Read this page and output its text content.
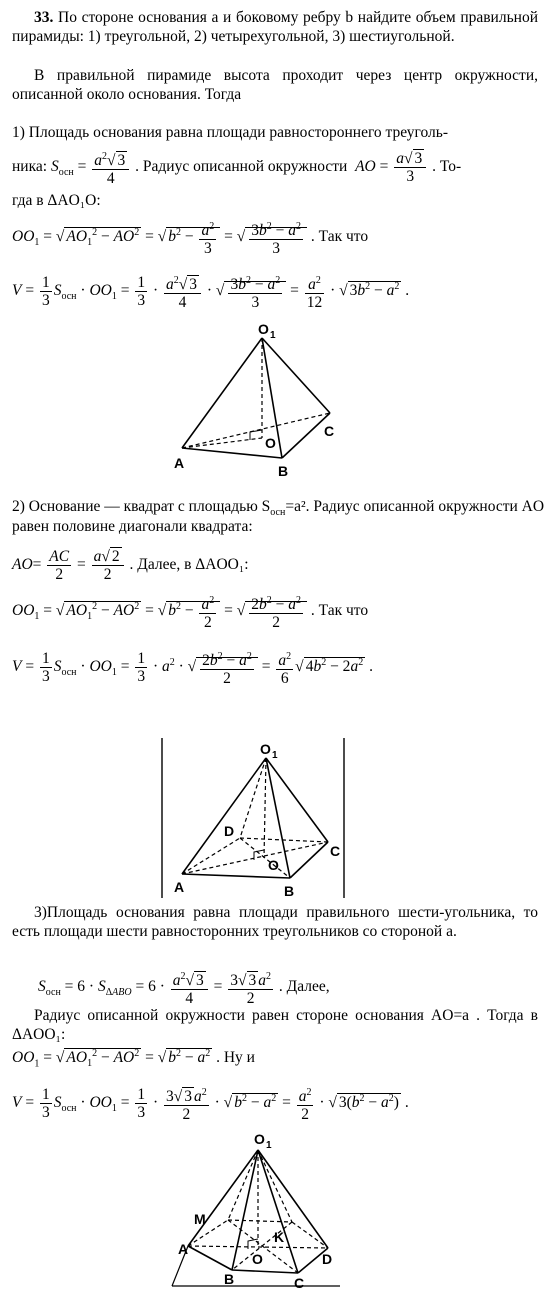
33. По стороне основания a и боковому ребру b найдите объем правильной пирамиды: 1) треугольной, 2) четырехугольной, 3) шестиугольной.
В правильной пирамиде высота проходит через центр окружности, описанной около основания. Тогда
1) Площадь основания равна площади равностороннего треуголь-
ника: $S_{осн} = \frac{a^2√ 3}{4}$ . Радиус описанной окружности AO = $\frac{a√ 3}{3}$ . То-
гда в ΔAO₁O:
$OO_1$ = √ $AO_1^2 - AO^2$ = √ $b^2 - \frac{a^2}{3}$ = √ $\frac{3b^2 - a^2}{3}$ . Так что
$V = \frac{1}{3} S_{осн} \cdot OO_1 = \frac{1}{3} \cdot \frac{a^2√ 3}{4}$ · √ $\frac{3b^2 - a^2}{3} = \frac{a^2}{12}$ · √ $3b^2 - a^2$ .
O 1
O
A	B
C
2) Основание — квадрат с площадью $S_{осн}=a^2$. Радиус описанной окружности AO равен половине диагонали квадрата:
$AO= \frac{AC}{2} = \frac{a√ 2}{2}$ . Далее, в ΔAOO₁:
$OO_1$ = √ $AO_1^2 - AO^2$ = √ $b^2 - \frac{a^2}{2}$ = √ $\frac{2b^2 - a^2}{2}$ . Так что
$V = \frac{1}{3} S_{осн} \cdot OO_1 = \frac{1}{3} \cdot a^2$ · √ $\frac{2b^2 - a^2}{2} = \frac{a^2}{6}$ √ $4b^2 - 2a^2$ .
O 1
D
O
A	B
C
3)Площадь основания равна площади правильного шести-угольника, то есть площади шести равносторонних треугольников со стороной a.
$S_{осн} = 6 \cdot S_{\Delta ABO} = 6 \cdot \frac{a^2√ 3}{4} = \frac{3√ 3 a^2}{2}$ . Далее,
Радиус описанной окружности равен стороне основания AO=a . Тогда в ΔAOO₁:
$OO_1$ = √ $AO_1^2 - AO^2$ = √ $b^2 - a^2$ . Ну и
$V = \frac{1}{3} S_{осн} \cdot OO_1 = \frac{1}{3} \cdot \frac{3√ 3 a^2}{2}$ · √ $b^2 - a^2 = \frac{a^2}{2}$ · √ $3(b^2 - a^2)$ .
O 1
M
K
A
O	D
B	C
